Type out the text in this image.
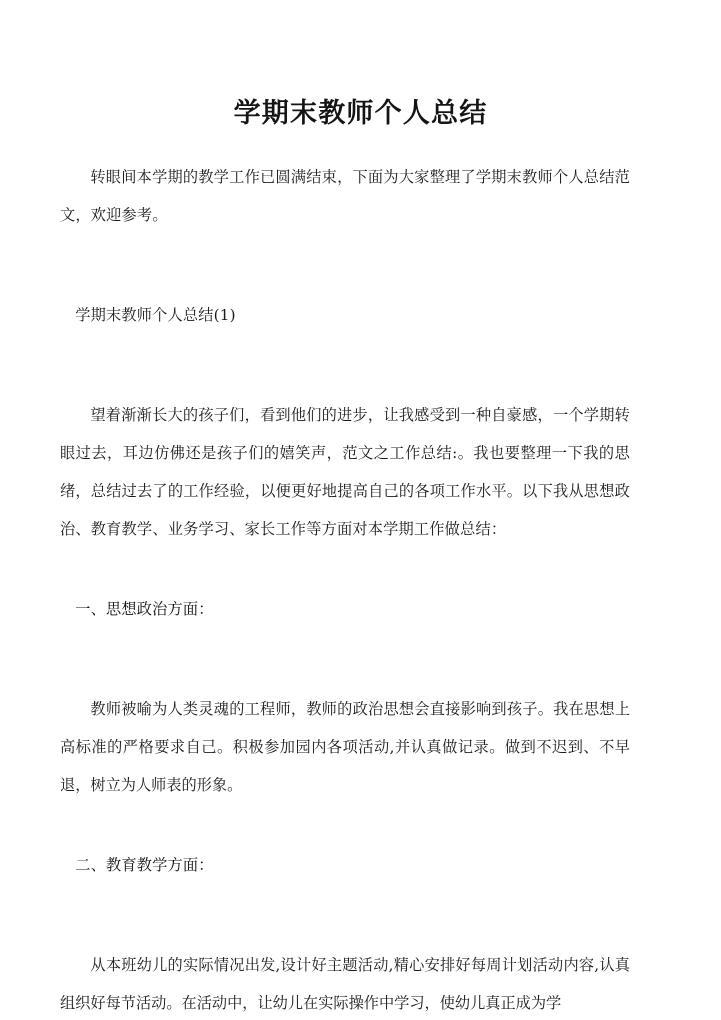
学期末教师个人总结

转眼间本学期的教学工作已圆满结束，下面为大家整理了学期末教师个人总结范文，欢迎参考。

学期末教师个人总结(1)

望着渐渐长大的孩子们，看到他们的进步，让我感受到一种自豪感，一个学期转眼过去，耳边仿佛还是孩子们的嬉笑声，范文之工作总结:。我也要整理一下我的思绪，总结过去了的工作经验，以便更好地提高自己的各项工作水平。以下我从思想政治、教育教学、业务学习、家长工作等方面对本学期工作做总结：

一、思想政治方面：

教师被喻为人类灵魂的工程师，教师的政治思想会直接影响到孩子。我在思想上高标准的严格要求自己。积极参加园内各项活动,并认真做记录。做到不迟到、不早退，树立为人师表的形象。

二、教育教学方面：

从本班幼儿的实际情况出发,设计好主题活动,精心安排好每周计划活动内容,认真组织好每节活动。在活动中，让幼儿在实际操作中学习，使幼儿真正成为学
